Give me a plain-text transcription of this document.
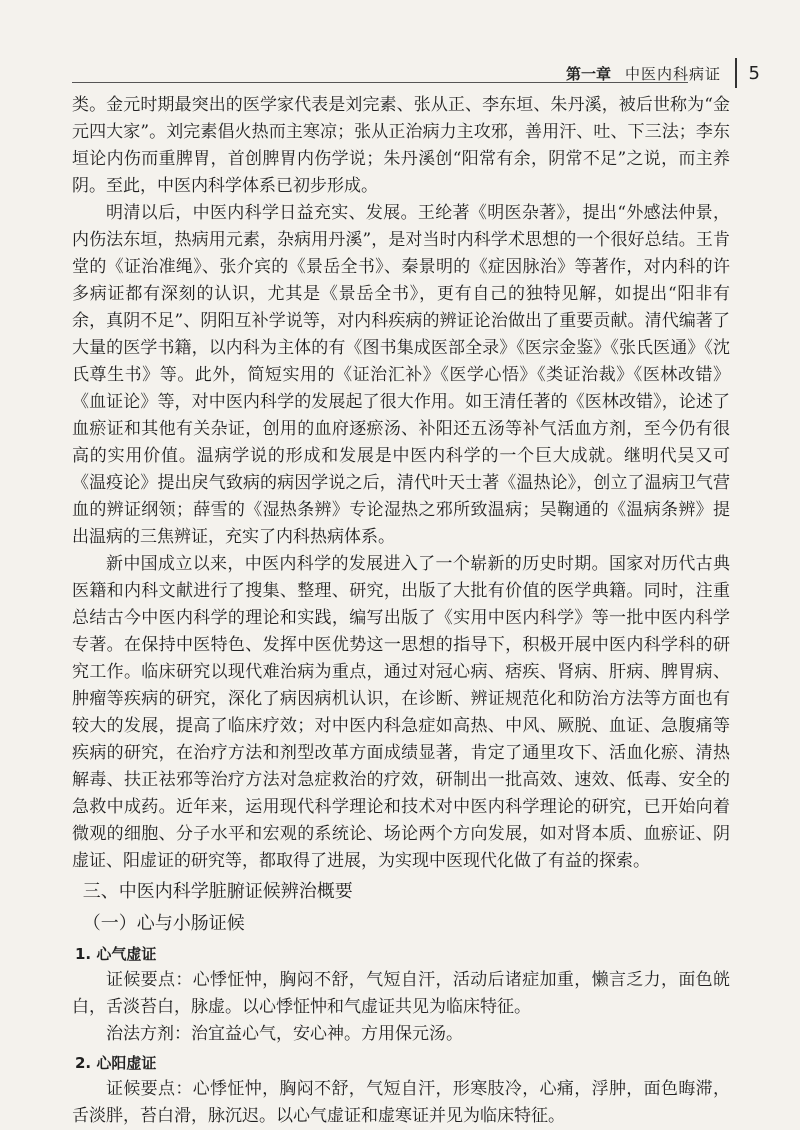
第一章 中医内科病证 5

类。金元时期最突出的医学家代表是刘完素、张从正、李东垣、朱丹溪，被后世称为“金元四大家”。刘完素倡火热而主寒凉；张从正治病力主攻邪，善用汗、吐、下三法；李东垣论内伤而重脾胃，首创脾胃内伤学说；朱丹溪创“阳常有余，阴常不足”之说，而主养阴。至此，中医内科学体系已初步形成。

明清以后，中医内科学日益充实、发展。王纶著《明医杂著》，提出“外感法仲景，内伤法东垣，热病用元素，杂病用丹溪”，是对当时内科学术思想的一个很好总结。王肯堂的《证治准绳》、张介宾的《景岳全书》、秦景明的《症因脉治》等著作，对内科的许多病证都有深刻的认识，尤其是《景岳全书》，更有自己的独特见解，如提出“阳非有余，真阴不足”、阴阳互补学说等，对内科疾病的辨证论治做出了重要贡献。清代编著了大量的医学书籍，以内科为主体的有《图书集成医部全录》《医宗金鉴》《张氏医通》《沈氏尊生书》等。此外，简短实用的《证治汇补》《医学心悟》《类证治裁》《医林改错》《血证论》等，对中医内科学的发展起了很大作用。如王清任著的《医林改错》，论述了血瘀证和其他有关杂证，创用的血府逐瘀汤、补阳还五汤等补气活血方剂，至今仍有很高的实用价值。温病学说的形成和发展是中医内科学的一个巨大成就。继明代吴又可《温疫论》提出戾气致病的病因学说之后，清代叶天士著《温热论》，创立了温病卫气营血的辨证纲领；薛雪的《湿热条辨》专论湿热之邪所致温病；吴鞠通的《温病条辨》提出温病的三焦辨证，充实了内科热病体系。

新中国成立以来，中医内科学的发展进入了一个崭新的历史时期。国家对历代古典医籍和内科文献进行了搜集、整理、研究，出版了大批有价值的医学典籍。同时，注重总结古今中医内科学的理论和实践，编写出版了《实用中医内科学》等一批中医内科学专著。在保持中医特色、发挥中医优势这一思想的指导下，积极开展中医内科学科的研究工作。临床研究以现代难治病为重点，通过对冠心病、痞疾、肾病、肝病、脾胃病、肿瘤等疾病的研究，深化了病因病机认识，在诊断、辨证规范化和防治方法等方面也有较大的发展，提高了临床疗效；对中医内科急症如高热、中风、厥脱、血证、急腹痛等疾病的研究，在治疗方法和剂型改革方面成绩显著，肯定了通里攻下、活血化瘀、清热解毒、扶正祛邪等治疗方法对急症救治的疗效，研制出一批高效、速效、低毒、安全的急救中成药。近年来，运用现代科学理论和技术对中医内科学理论的研究，已开始向着微观的细胞、分子水平和宏观的系统论、场论两个方向发展，如对肾本质、血瘀证、阴虚证、阳虚证的研究等，都取得了进展，为实现中医现代化做了有益的探索。

三、中医内科学脏腑证候辨治概要
（一）心与小肠证候
1. 心气虚证

证候要点：心悸怔忡，胸闷不舒，气短自汗，活动后诸症加重，懒言乏力，面色㿠白，舌淡苔白，脉虚。以心悸怔忡和气虚证共见为临床特征。

治法方剂：治宜益心气，安心神。方用保元汤。

2. 心阳虚证

证候要点：心悸怔忡，胸闷不舒，气短自汗，形寒肢冷，心痛，浮肿，面色晦滞，舌淡胖，苔白滑，脉沉迟。以心气虚证和虚寒证并见为临床特征。
